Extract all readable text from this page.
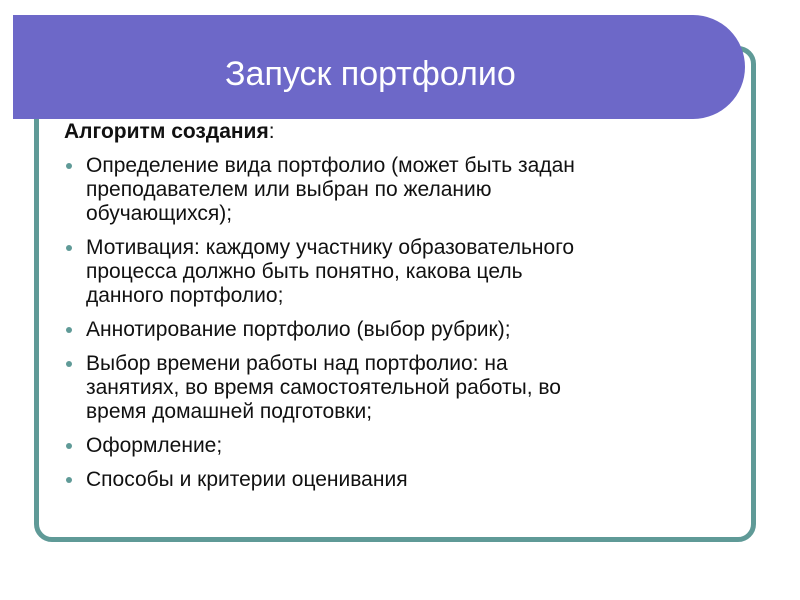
Запуск портфолио
Алгоритм создания:
Определение вида портфолио (может быть задан
преподавателем или выбран по желанию
обучающихся);
Мотивация: каждому участнику образовательного
процесса должно быть понятно, какова цель
данного портфолио;
Аннотирование портфолио (выбор рубрик);
Выбор времени работы над портфолио: на
занятиях, во время самостоятельной работы, во
время домашней подготовки;
Оформление;
Способы и критерии оценивания
